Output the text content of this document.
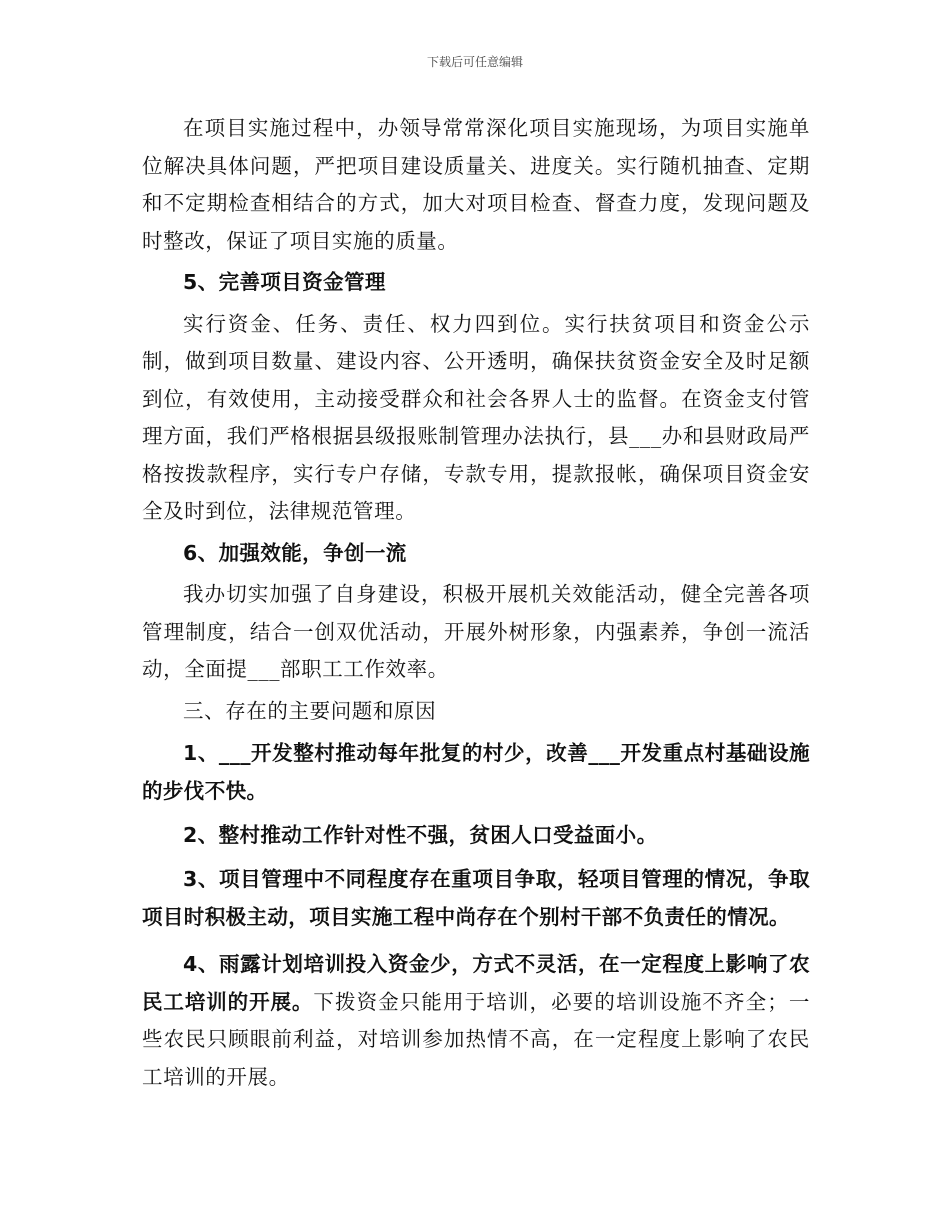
下载后可任意编辑

在项目实施过程中，办领导常常深化项目实施现场，为项目实施单位解决具体问题，严把项目建设质量关、进度关。实行随机抽查、定期和不定期检查相结合的方式，加大对项目检查、督查力度，发现问题及时整改，保证了项目实施的质量。

5、完善项目资金管理

实行资金、任务、责任、权力四到位。实行扶贫项目和资金公示制，做到项目数量、建设内容、公开透明，确保扶贫资金安全及时足额到位，有效使用，主动接受群众和社会各界人士的监督。在资金支付管理方面，我们严格根据县级报账制管理办法执行，县___办和县财政局严格按拨款程序，实行专户存储，专款专用，提款报帐，确保项目资金安全及时到位，法律规范管理。

6、加强效能，争创一流

我办切实加强了自身建设，积极开展机关效能活动，健全完善各项管理制度，结合一创双优活动，开展外树形象，内强素养，争创一流活动，全面提___部职工工作效率。

三、存在的主要问题和原因

1、___开发整村推动每年批复的村少，改善___开发重点村基础设施的步伐不快。

2、整村推动工作针对性不强，贫困人口受益面小。

3、项目管理中不同程度存在重项目争取，轻项目管理的情况，争取项目时积极主动，项目实施工程中尚存在个别村干部不负责任的情况。

4、雨露计划培训投入资金少，方式不灵活，在一定程度上影响了农民工培训的开展。下拨资金只能用于培训，必要的培训设施不齐全；一些农民只顾眼前利益，对培训参加热情不高，在一定程度上影响了农民工培训的开展。
